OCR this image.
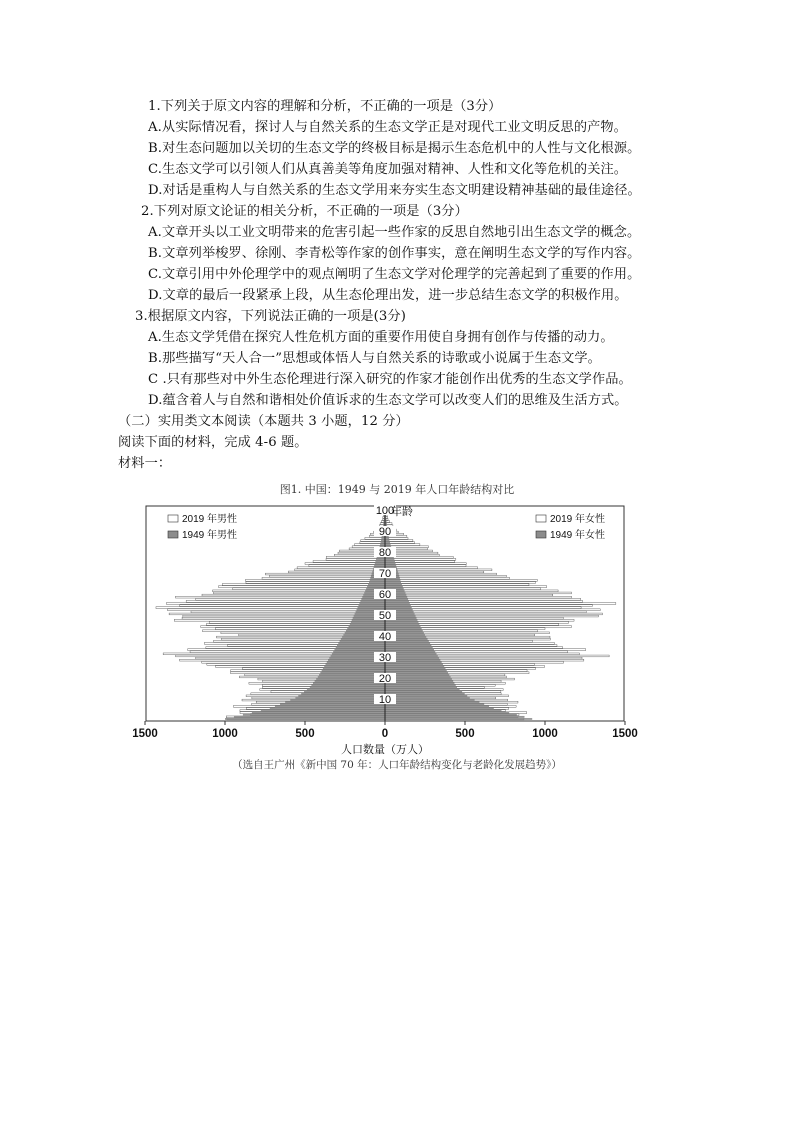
1.下列关于原文内容的理解和分析，不正确的一项是（3分）
A.从实际情况看，探讨人与自然关系的生态文学正是对现代工业文明反思的产物。
B.对生态问题加以关切的生态文学的终极目标是揭示生态危机中的人性与文化根源。
C.生态文学可以引领人们从真善美等角度加强对精神、人性和文化等危机的关注。
D.对话是重构人与自然关系的生态文学用来夯实生态文明建设精神基础的最佳途径。
2.下列对原文论证的相关分析，不正确的一项是（3分）
A.文章开头以工业文明带来的危害引起一些作家的反思自然地引出生态文学的概念。
B.文章列举梭罗、徐刚、李青松等作家的创作事实，意在阐明生态文学的写作内容。
C.文章引用中外伦理学中的观点阐明了生态文学对伦理学的完善起到了重要的作用。
D.文章的最后一段紧承上段，从生态伦理出发，进一步总结生态文学的积极作用。
3.根据原文内容，下列说法正确的一项是(3分)
A.生态文学凭借在探究人性危机方面的重要作用使自身拥有创作与传播的动力。
B.那些描写“天人合一”思想或体悟人与自然关系的诗歌或小说属于生态文学。
C .只有那些对中外生态伦理进行深入研究的作家才能创作出优秀的生态文学作品。
D.蕴含着人与自然和谐相处价值诉求的生态文学可以改变人们的思维及生活方式。
（二）实用类文本阅读（本题共 3 小题，12 分）
阅读下面的材料，完成 4-6 题。
材料一：
图1. 中国：1949 与 2019 年人口年龄结构对比
10
20
30
40
50
60
70
80
90
100
年龄
1500	1000	500	0	500	1000	1500
人口数量（万人）
2019 年男性
1949 年男性
2019 年女性
1949 年女性
（选自王广州《新中国 70 年：人口年龄结构变化与老龄化发展趋势》）
